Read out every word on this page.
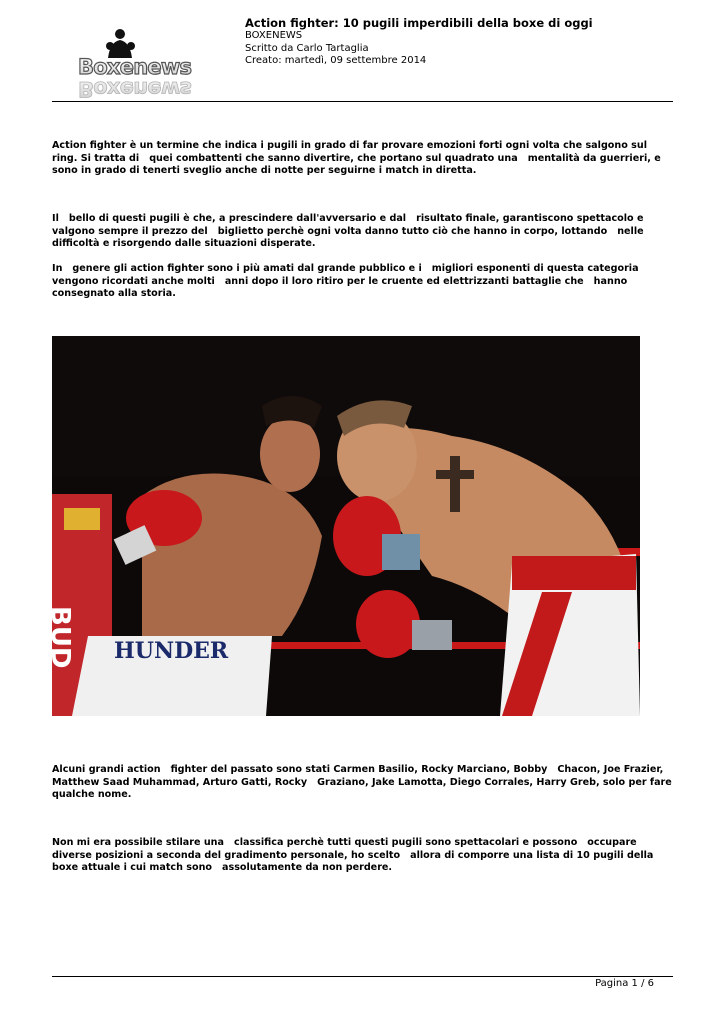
Boxenews
Boxenews
Action fighter: 10 pugili imperdibili della boxe di oggi
BOXENEWS
Scritto da Carlo Tartaglia
Creato: martedì, 09 settembre 2014
Action fighter è un termine che indica i pugili in grado di far provare emozioni forti ogni volta che salgono sul ring. Si tratta di   quei combattenti che sanno divertire, che portano sul quadrato una   mentalità da guerrieri, e sono in grado di tenerti sveglio anche di notte per seguirne i match in diretta.
Il   bello di questi pugili è che, a prescindere dall'avversario e dal   risultato finale, garantiscono spettacolo e valgono sempre il prezzo del   biglietto perchè ogni volta danno tutto ciò che hanno in corpo, lottando   nelle difficoltà e risorgendo dalle situazioni disperate.
In   genere gli action fighter sono i più amati dal grande pubblico e i   migliori esponenti di questa categoria vengono ricordati anche molti   anni dopo il loro ritiro per le cruente ed elettrizzanti battaglie che   hanno consegnato alla storia.
BUD HUNDER
Alcuni grandi action   fighter del passato sono stati Carmen Basilio, Rocky Marciano, Bobby   Chacon, Joe Frazier, Matthew Saad Muhammad, Arturo Gatti, Rocky   Graziano, Jake Lamotta, Diego Corrales, Harry Greb, solo per fare   qualche nome.
Non mi era possibile stilare una   classifica perchè tutti questi pugili sono spettacolari e possono   occupare diverse posizioni a seconda del gradimento personale, ho scelto   allora di comporre una lista di 10 pugili della boxe attuale i cui match sono   assolutamente da non perdere.
Pagina 1 / 6
